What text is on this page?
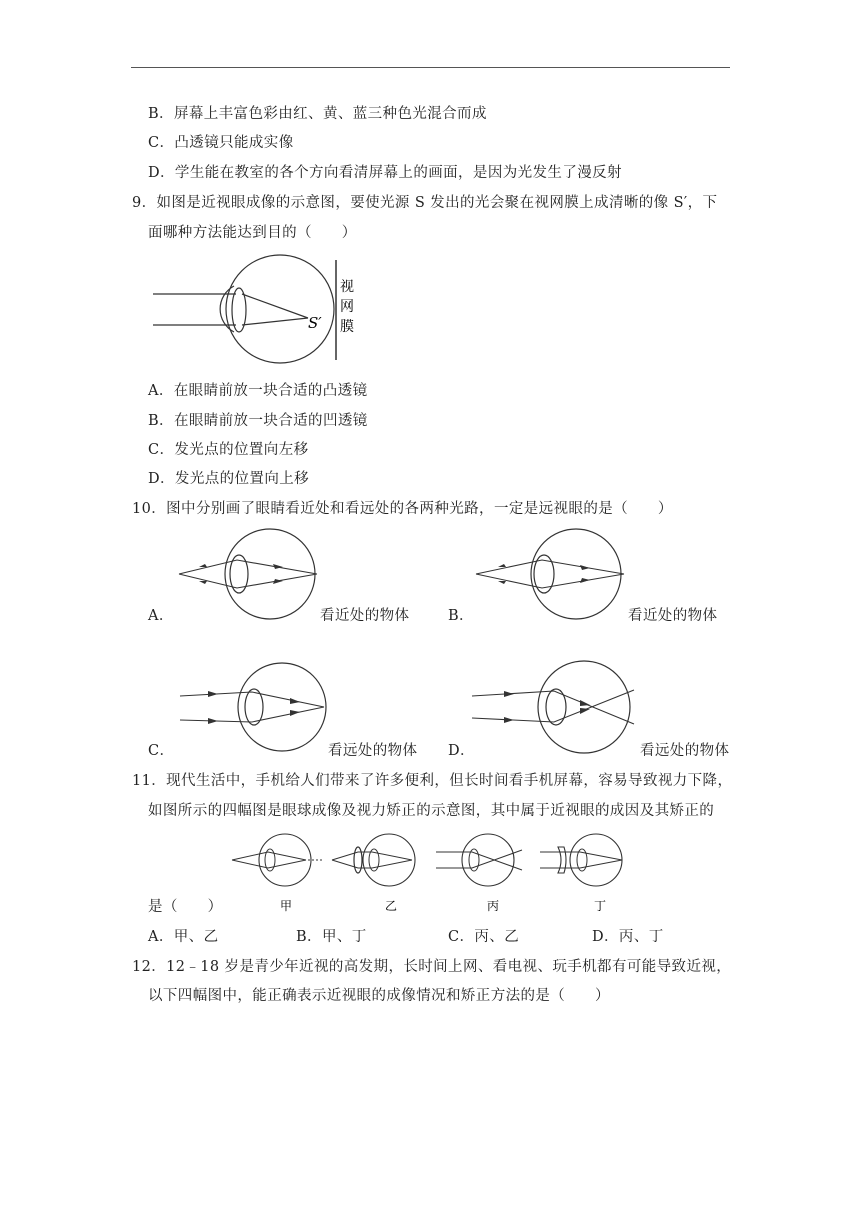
B．屏幕上丰富色彩由红、黄、蓝三种色光混合而成
C．凸透镜只能成实像
D．学生能在教室的各个方向看清屏幕上的画面，是因为光发生了漫反射
9．如图是近视眼成像的示意图，要使光源 S 发出的光会聚在视网膜上成清晰的像 S′，下
面哪种方法能达到目的（　　）
S′
视
网
膜
A．在眼睛前放一块合适的凸透镜
B．在眼睛前放一块合适的凹透镜
C．发光点的位置向左移
D．发光点的位置向上移
10．图中分别画了眼睛看近处和看远处的各两种光路，一定是远视眼的是（　　）
A．	看近处的物体	B．	看近处的物体
C．	看远处的物体 D．	看远处的物体
11．现代生活中，手机给人们带来了许多便利，但长时间看手机屏幕，容易导致视力下降，
如图所示的四幅图是眼球成像及视力矫正的示意图，其中属于近视眼的成因及其矫正的
甲	乙	丙	丁
是（　　）
A．甲、乙	B．甲、丁	C．丙、乙	D．丙、丁
12．12﹣18 岁是青少年近视的高发期，长时间上网、看电视、玩手机都有可能导致近视，
以下四幅图中，能正确表示近视眼的成像情况和矫正方法的是（　　）
